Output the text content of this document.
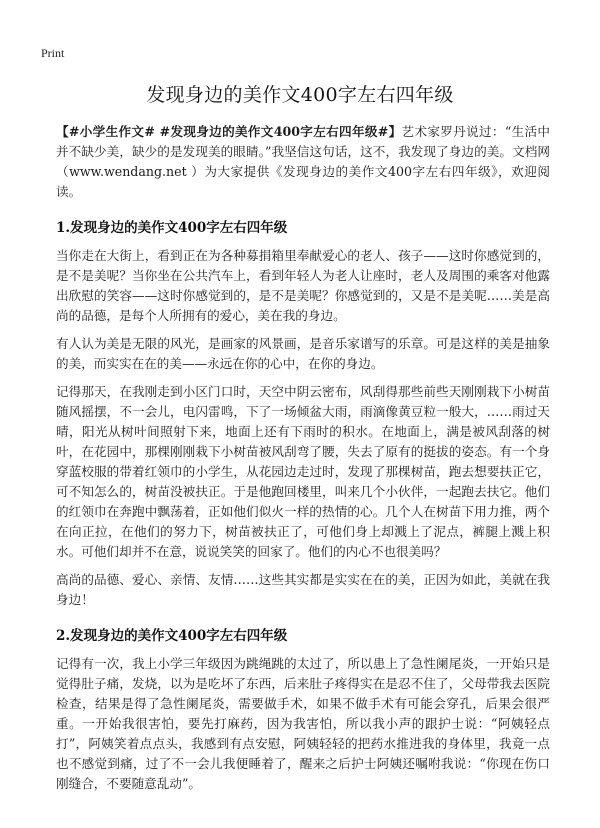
Print
发现身边的美作文400字左右四年级

【#小学生作文# #发现身边的美作文400字左右四年级#】艺术家罗丹说过：“生活中并不缺少美，缺少的是发现美的眼睛。”我坚信这句话，这不，我发现了身边的美。文档网（www.wendang.net ）为大家提供《发现身边的美作文400字左右四年级》，欢迎阅读。

1.发现身边的美作文400字左右四年级

当你走在大街上，看到正在为各种募捐箱里奉献爱心的老人、孩子——这时你感觉到的，是不是美呢？当你坐在公共汽车上，看到年轻人为老人让座时，老人及周围的乘客对他露出欣慰的笑容——这时你感觉到的，是不是美呢？你感觉到的，又是不是美呢……美是高尚的品德，是每个人所拥有的爱心，美在我的身边。

有人认为美是无限的风光，是画家的风景画，是音乐家谱写的乐章。可是这样的美是抽象的美，而实实在在的美——永远在你的心中，在你的身边。

记得那天，在我刚走到小区门口时，天空中阴云密布，风刮得那些前些天刚刚栽下小树苗随风摇摆，不一会儿，电闪雷鸣，下了一场倾盆大雨，雨滴像黄豆粒一般大，……雨过天晴，阳光从树叶间照射下来，地面上还有下雨时的积水。在地面上，满是被风刮落的树叶，在花园中，那棵刚刚栽下小树苗被风刮弯了腰，失去了原有的挺拔的姿态。有一个身穿蓝校服的带着红领巾的小学生，从花园边走过时，发现了那棵树苗，跑去想要扶正它，可不知怎么的，树苗没被扶正。于是他跑回楼里，叫来几个小伙伴，一起跑去扶它。他们的红领巾在奔跑中飘荡着，正如他们似火一样的热情的心。几个人在树苗下用力推，两个在向正拉，在他们的努力下，树苗被扶正了，可他们身上却溅上了泥点，裤腿上溅上积水。可他们却并不在意，说说笑笑的回家了。他们的内心不也很美吗？

高尚的品德、爱心、亲情、友情……这些其实都是实实在在的美，正因为如此，美就在我身边！

2.发现身边的美作文400字左右四年级

记得有一次，我上小学三年级因为跳绳跳的太过了，所以患上了急性阑尾炎，一开始只是觉得肚子痛，发烧，以为是吃坏了东西，后来肚子疼得实在是忍不住了，父母带我去医院检查，结果是得了急性阑尾炎，需要做手术，如果不做手术有可能会穿孔，后果会很严重。一开始我很害怕，要先打麻药，因为我害怕，所以我小声的跟护士说：“阿姨轻点打”，阿姨笑着点点头，我感到有点安慰，阿姨轻轻的把药水推进我的身体里，我竟一点也不感觉到痛，过了不一会儿我便睡着了，醒来之后护士阿姨还嘱咐我说：“你现在伤口刚缝合，不要随意乱动”。
